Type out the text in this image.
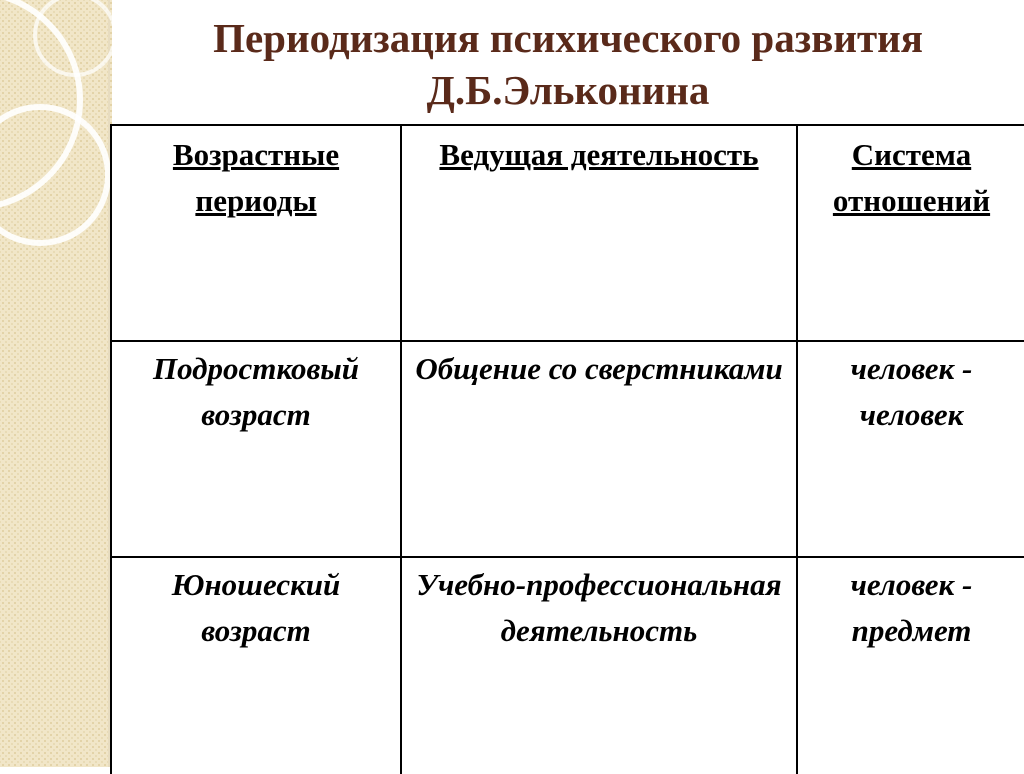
Периодизация психического развития
Д.Б.Эльконина
Возрастные периоды	Ведущая деятельность	Система отношений
Подростковый возраст	Общение со сверстниками	человек - человек
Юношеский возраст	Учебно-профессиональная деятельность	человек - предмет
